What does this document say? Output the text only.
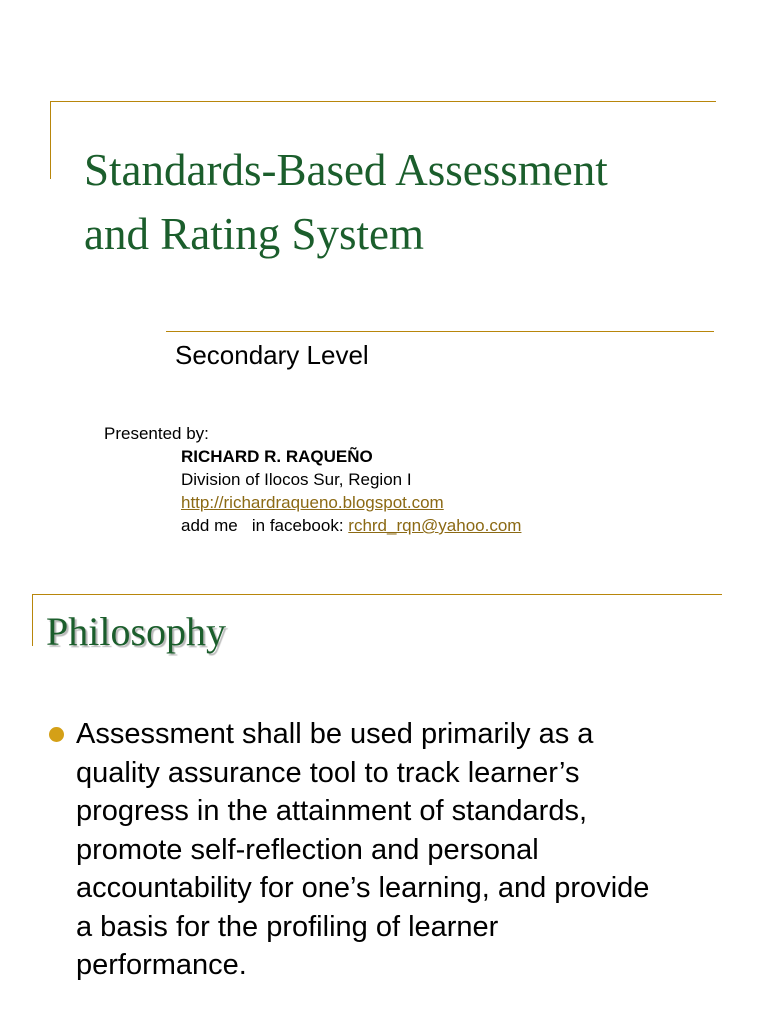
Standards-Based Assessment
and Rating System

Secondary Level

Presented by:
RICHARD R. RAQUEÑO
Division of Ilocos Sur, Region I
http://richardraqueno.blogspot.com
add me   in facebook: rchrd_rqn@yahoo.com
Philosophy

Assessment shall be used primarily as a
quality assurance tool to track learner’s
progress in the attainment of standards,
promote self-reflection and personal
accountability for one’s learning, and provide
a basis for the profiling of learner
performance.
